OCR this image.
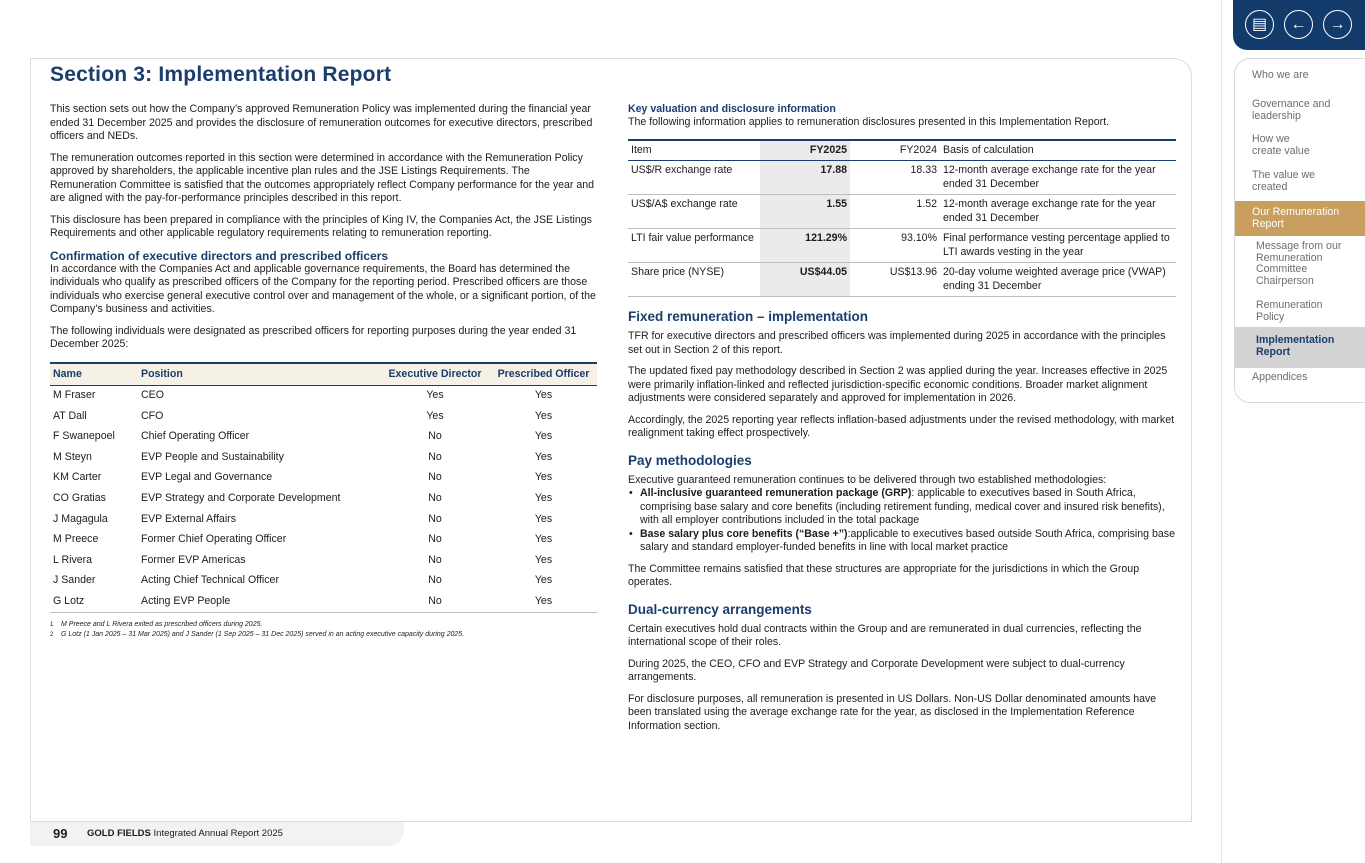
Section 3: Implementation Report

This section sets out how the Company’s approved Remuneration Policy was implemented during the financial year ended 31 December 2025 and provides the disclosure of remuneration outcomes for executive directors, prescribed officers and NEDs.

The remuneration outcomes reported in this section were determined in accordance with the Remuneration Policy approved by shareholders, the applicable incentive plan rules and the JSE Listings Requirements. The Remuneration Committee is satisfied that the outcomes appropriately reflect Company performance for the year and are aligned with the pay-for-performance principles described in this report.

This disclosure has been prepared in compliance with the principles of King IV, the Companies Act, the JSE Listings Requirements and other applicable regulatory requirements relating to remuneration reporting.

Confirmation of executive directors and prescribed officers

In accordance with the Companies Act and applicable governance requirements, the Board has determined the individuals who qualify as prescribed officers of the Company for the reporting period. Prescribed officers are those individuals who exercise general executive control over and management of the whole, or a significant portion, of the Company’s business and activities.

The following individuals were designated as prescribed officers for reporting purposes during the year ended 31 December 2025:

Name	Position	Executive Director	Prescribed Officer
M Fraser	CEO	Yes	Yes
AT Dall	CFO	Yes	Yes
F Swanepoel	Chief Operating Officer	No	Yes
M Steyn	EVP People and Sustainability	No	Yes
KM Carter	EVP Legal and Governance	No	Yes
CO Gratias	EVP Strategy and Corporate Development	No	Yes
J Magagula	EVP External Affairs	No	Yes
M Preece	Former Chief Operating Officer	No	Yes
L Rivera	Former EVP Americas	No	Yes
J Sander	Acting Chief Technical Officer	No	Yes
G Lotz	Acting EVP People	No	Yes
1	M Preece and L Rivera exited as prescribed officers during 2025.
2	G Lotz (1 Jan 2025 – 31 Mar 2025) and J Sander (1 Sep 2025 – 31 Dec 2025) served in an acting executive capacity during 2025.
Key valuation and disclosure information

The following information applies to remuneration disclosures presented in this Implementation Report.

Item	FY2025	FY2024	Basis of calculation
US$/R exchange rate	17.88	18.33	12-month average exchange rate for the year ended 31 December
US$/A$ exchange rate	1.55	1.52	12-month average exchange rate for the year ended 31 December
LTI fair value performance	121.29%	93.10%	Final performance vesting percentage applied to LTI awards vesting in the year
Share price (NYSE)	US$44.05	US$13.96	20-day volume weighted average price (VWAP) ending 31 December
Fixed remuneration – implementation

TFR for executive directors and prescribed officers was implemented during 2025 in accordance with the principles set out in Section 2 of this report.

The updated fixed pay methodology described in Section 2 was applied during the year. Increases effective in 2025 were primarily inflation-linked and reflected jurisdiction-specific economic conditions. Broader market alignment adjustments were considered separately and approved for implementation in 2026.

Accordingly, the 2025 reporting year reflects inflation-based adjustments under the revised methodology, with market realignment taking effect prospectively.

Pay methodologies

Executive guaranteed remuneration continues to be delivered through two established methodologies:

• All-inclusive guaranteed remuneration package (GRP): applicable to executives based in South Africa, comprising base salary and core benefits (including retirement funding, medical cover and insured risk benefits), with all employer contributions included in the total package
• Base salary plus core benefits (“Base +”):applicable to executives based outside South Africa, comprising base salary and standard employer-funded benefits in line with local market practice

The Committee remains satisfied that these structures are appropriate for the jurisdictions in which the Group operates.

Dual-currency arrangements

Certain executives hold dual contracts within the Group and are remunerated in dual currencies, reflecting the international scope of their roles.

During 2025, the CEO, CFO and EVP Strategy and Corporate Development were subject to dual-currency arrangements.

For disclosure purposes, all remuneration is presented in US Dollars. Non-US Dollar denominated amounts have been translated using the average exchange rate for the year, as disclosed in the Implementation Reference Information section.

▤ ← →
Who we are
Governance and leadership
How we create value
The value we created
Our Remuneration Report
Message from our Remuneration Committee Chairperson
Remuneration Policy
Implementation Report
Appendices
99 GOLD FIELDS Integrated Annual Report 2025
